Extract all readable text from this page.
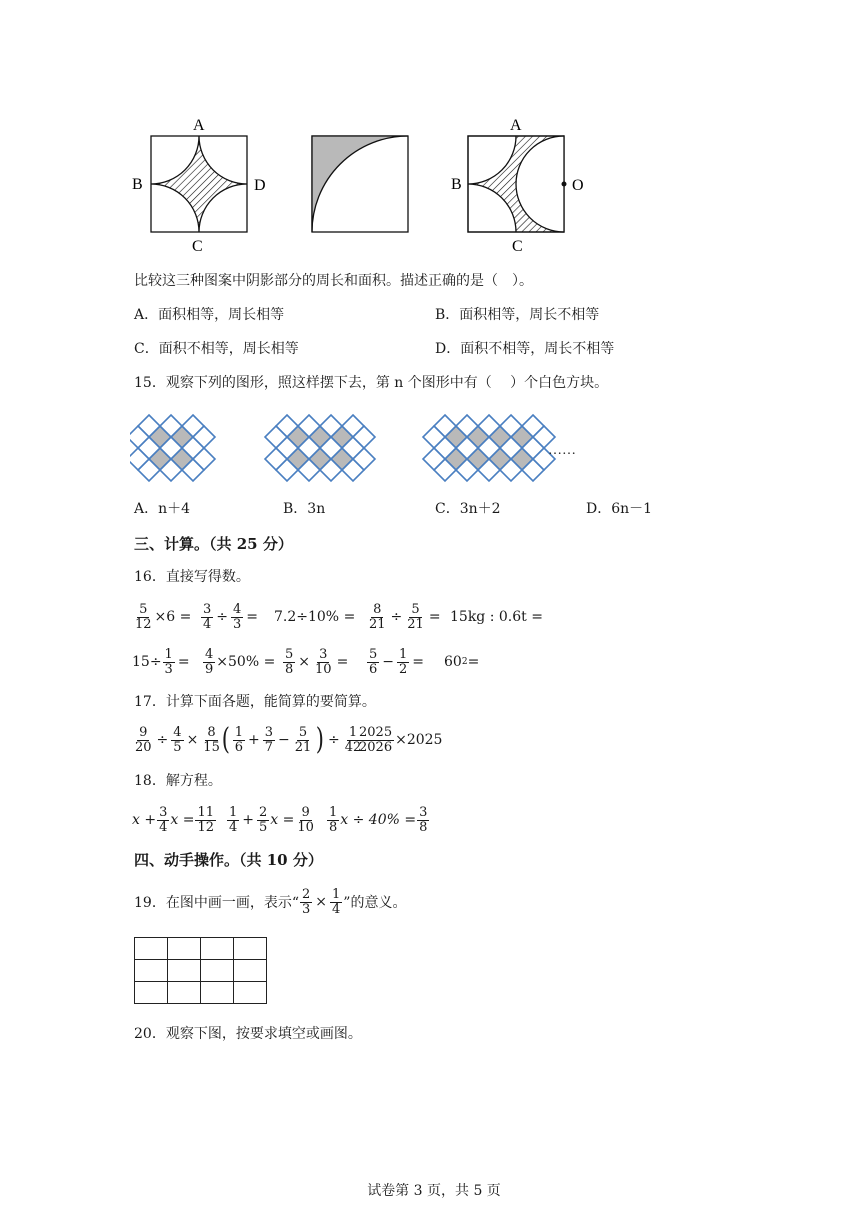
A
B	D
C
A
B	O
C
比较这三种图案中阴影部分的周长和面积。描述正确的是（　）。
A．面积相等，周长相等	B．面积相等，周长不相等
C．面积不相等，周长相等	D．面积不相等，周长不相等
15．观察下列的图形，照这样摆下去，第 n 个图形中有（　 ）个白色方块。
……
A．n＋4	B．3n	C．3n＋2	D．6n－1
三、计算。（共 25 分）
16．直接写得数。
$\frac{5}{12} \times 6 = \frac{3}{4} \div \frac{4}{3} = 7.2\div 10\% = \frac{8}{21} \div \frac{5}{21} = 15kg$ : 0.6t =
$15\div \frac{1}{3} = \frac{4}{9} \times 50\% = \frac{5}{8} \times \frac{3}{10} = \frac{5}{6} - \frac{1}{2} = 60$ 2 =
17．计算下面各题，能简算的要简算。
$\frac{9}{20} \div \frac{4}{5} \times \frac{8}{15}$ ( $\frac{1}{6} + \frac{3}{7} - \frac{5}{21}$ ) ÷ $\frac{1}{42}$
$\frac{2025}{2026} \times 2025$
18．解方程。
$x + \frac{3}{4}$ $x = \frac{11}{12} \frac{1}{4} + \frac{2}{5}$ $x = \frac{9}{10} \frac{1}{8}$ $x \div 40\% = \frac{3}{8}$
四、动手操作。（共 10 分）
19．在图中画一画，表示“ $\frac{2}{3} \times \frac{1}{4}$ ”的意义。

20．观察下图，按要求填空或画图。
试卷第 3 页，共 5 页
